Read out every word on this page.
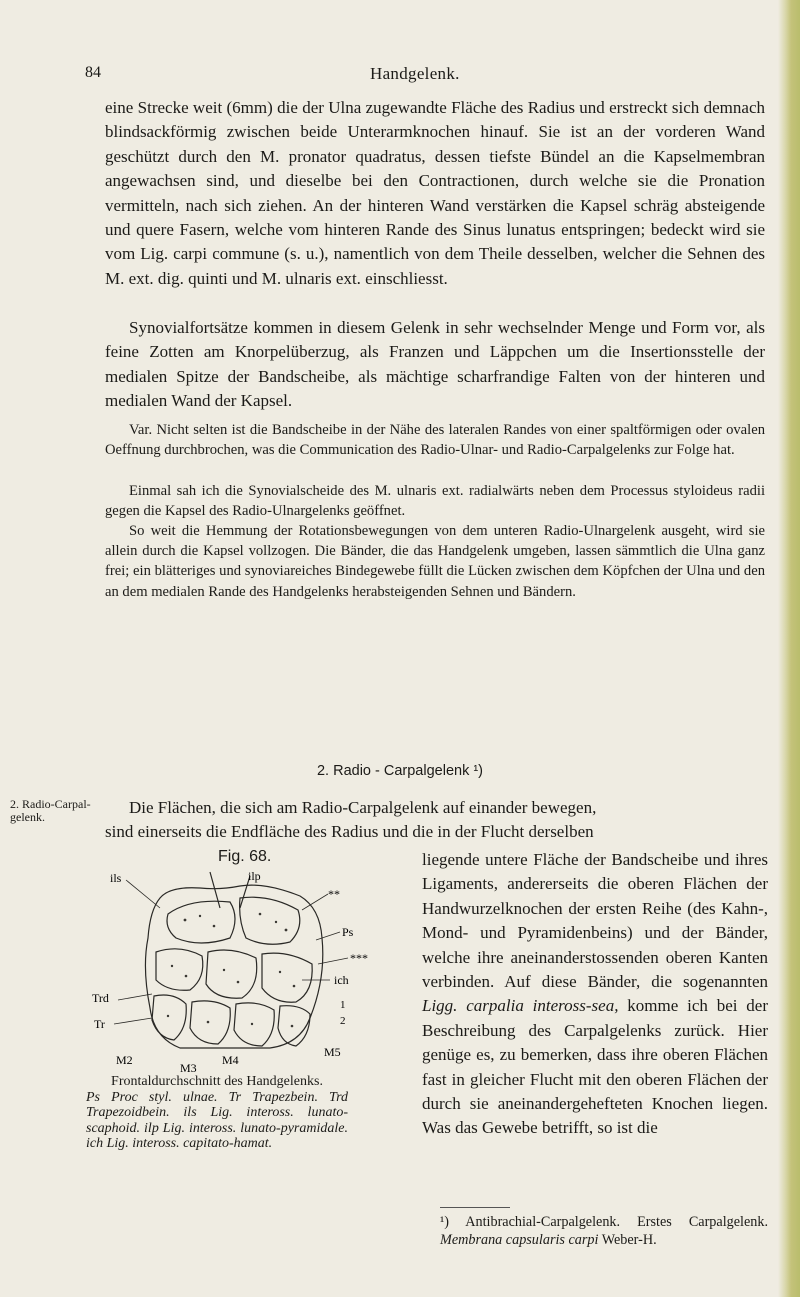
84	Handgelenk.

eine Strecke weit (6mm) die der Ulna zugewandte Fläche des Radius und erstreckt sich demnach blindsackförmig zwischen beide Unterarmknochen hinauf. Sie ist an der vorderen Wand geschützt durch den M. pronator quadratus, dessen tiefste Bündel an die Kapselmembran angewachsen sind, und dieselbe bei den Contractionen, durch welche sie die Pronation vermitteln, nach sich ziehen. An der hinteren Wand verstärken die Kapsel schräg absteigende und quere Fasern, welche vom hinteren Rande des Sinus lunatus entspringen; bedeckt wird sie vom Lig. carpi commune (s. u.), namentlich von dem Theile desselben, welcher die Sehnen des M. ext. dig. quinti und M. ulnaris ext. einschliesst.

Synovialfortsätze kommen in diesem Gelenk in sehr wechselnder Menge und Form vor, als feine Zotten am Knorpelüberzug, als Franzen und Läppchen um die Insertionsstelle der medialen Spitze der Bandscheibe, als mächtige scharfrandige Falten von der hinteren und medialen Wand der Kapsel.

Var. Nicht selten ist die Bandscheibe in der Nähe des lateralen Randes von einer spaltförmigen oder ovalen Oeffnung durchbrochen, was die Communication des Radio-Ulnar- und Radio-Carpalgelenks zur Folge hat.

Einmal sah ich die Synovialscheide des M. ulnaris ext. radialwärts neben dem Processus styloideus radii gegen die Kapsel des Radio-Ulnargelenks geöffnet.

So weit die Hemmung der Rotationsbewegungen von dem unteren Radio-Ulnargelenk ausgeht, wird sie allein durch die Kapsel vollzogen. Die Bänder, die das Handgelenk umgeben, lassen sämmtlich die Ulna ganz frei; ein blätteriges und synoviareiches Bindegewebe füllt die Lücken zwischen dem Köpfchen der Ulna und den an dem medialen Rande des Handgelenks herabsteigenden Sehnen und Bändern.

2. Radio - Carpalgelenk ¹)
2. Radio-Carpal-gelenk.	Die Flächen, die sich am Radio-Carpalgelenk auf einander bewegen,

sind einerseits die Endfläche des Radius und die in der Flucht derselben

Fig. 68.
ils	ilp
**
Ps
***
Trd
ich
Tr
1
2
M2
M3
M4
M5
Frontaldurchschnitt des Handgelenks.
Ps Proc styl. ulnae. Tr Trapezbein. Trd Trapezoidbein. ils Lig. inteross. lunato-scaphoid. ilp Lig. inteross. lunato-pyramidale. ich Lig. inteross. capitato-hamat.

liegende untere Fläche der Bandscheibe und ihres Ligaments, andererseits die oberen Flächen der Handwurzelknochen der ersten Reihe (des Kahn-, Mond- und Pyramidenbeins) und der Bänder, welche ihre aneinanderstossenden oberen Kanten verbinden. Auf diese Bänder, die sogenannten Ligg. carpalia inteross-sea, komme ich bei der Beschreibung des Carpalgelenks zurück. Hier genüge es, zu bemerken, dass ihre oberen Flächen fast in gleicher Flucht mit den oberen Flächen der durch sie aneinandergehefteten Knochen liegen. Was das Gewebe betrifft, so ist die

¹) Antibrachial-Carpalgelenk. Erstes Carpalgelenk. Membrana capsularis carpi Weber-H.
